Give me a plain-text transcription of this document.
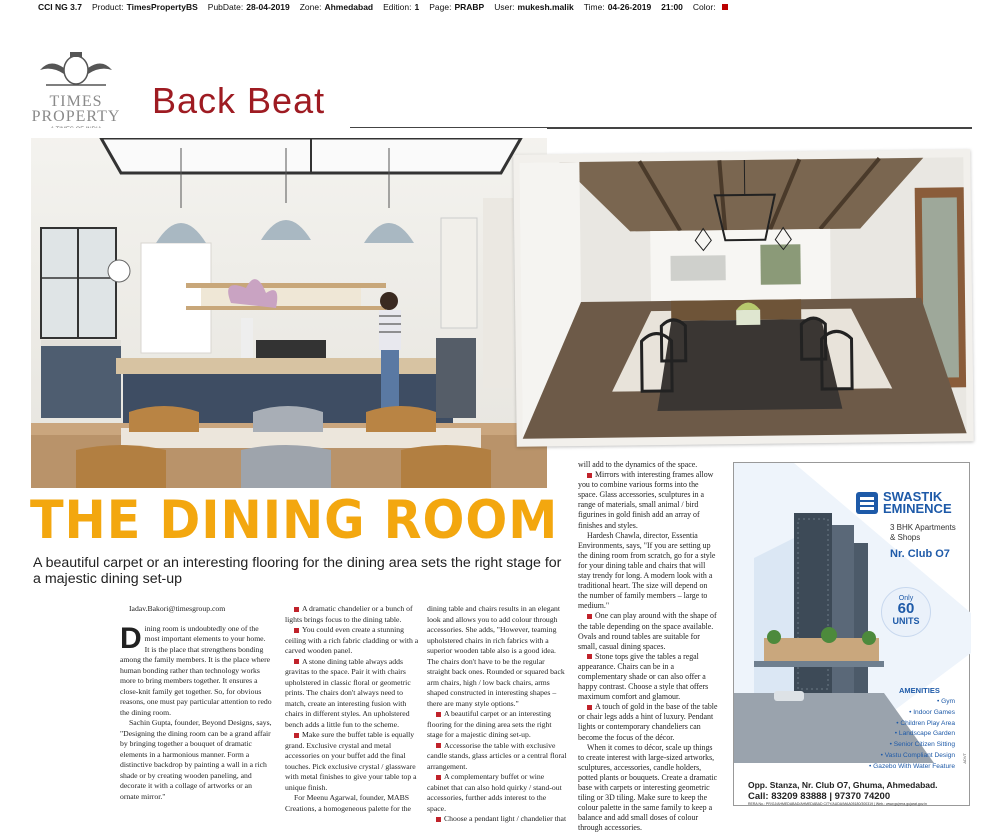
CCI NG 3.7 Product: TimesPropertyBS PubDate: 28-04-2019 Zone: Ahmedabad Edition: 1 Page: PRABP User: mukesh.malik Time: 04-26-2019 21:00 Color:
TIMES
PROPERTY Back Beat
THE DINING ROOM
A beautiful carpet or an interesting flooring for the dining area sets the right stage for a majestic dining set-up

Iadav.Bakori@timesgroup.com

Dining room is undoubtedly one of the most important elements to your home. It is the place that strengthens bonding among the family members. It is the place where human bonding rather than technology works more to bring members together. It ensures a close-knit family get together. So, for obvious reasons, one must pay particular attention to redo the dining room.

Sachin Gupta, founder, Beyond Designs, says, "Designing the dining room can be a grand affair by bringing together a bouquet of dramatic elements in a harmonious manner. Form a distinctive backdrop by painting a wall in a rich shade or by creating wooden paneling, and decorate it with a collage of artworks or an ornate mirror."

A dramatic chandelier or a bunch of lights brings focus to the dining table.

You could even create a stunning ceiling with a rich fabric cladding or with a carved wooden panel.

A stone dining table always adds gravitas to the space. Pair it with chairs upholstered in classic floral or geometric prints. The chairs don't always need to match, create an interesting fusion with chairs in different styles. An upholstered bench adds a little fun to the scheme.

Make sure the buffet table is equally grand. Exclusive crystal and metal accessories on your buffet add the final touches. Pick exclusive crystal / glassware with metal finishes to give your table top a unique finish.

For Meenu Agarwal, founder, MABS Creations, a homogeneous palette for the

dining table and chairs results in an elegant look and allows you to add colour through accessories. She adds, "However, teaming upholstered chairs in rich fabrics with a superior wooden table also is a good idea. The chairs don't have to be the regular straight back ones. Rounded or squared back arm chairs, high / low back chairs, arms shaped constructed in interesting shapes – there are many style options."

A beautiful carpet or an interesting flooring for the dining area sets the right stage for a majestic dining set-up.

Accessorise the table with exclusive candle stands, glass articles or a central floral arrangement.

A complementary buffet or wine cabinet that can also hold quirky / stand-out accessories, further adds interest to the space.

Choose a pendant light / chandelier that

will add to the dynamics of the space.

Mirrors with interesting frames allow you to combine various forms into the space. Glass accessories, sculptures in a range of materials, small animal / bird figurines in gold finish add an array of finishes and styles.

Hardesh Chawla, director, Essentia Environments, says, "If you are setting up the dining room from scratch, go for a style for your dining table and chairs that will stay trendy for long. A modern look with a traditional heart. The size will depend on the number of family members – large to medium."

One can play around with the shape of the table depending on the space available. Ovals and round tables are suitable for small, casual dining spaces.

Stone tops give the tables a regal appearance. Chairs can be in a complementary shade or can also offer a happy contrast. Choose a style that offers maximum comfort and glamour.

A touch of gold in the base of the table or chair legs adds a hint of luxury. Pendant lights or contemporary chandeliers can become the focus of the décor.

When it comes to décor, scale up things to create interest with large-sized artworks, sculptures, accessories, candle holders, potted plants or bouquets. Create a dramatic base with carpets or interesting geometric tiling or 3D tiling. Make sure to keep the colour palette in the same family to keep a balance and add small doses of colour through accessories.

SWASTIK
EMINENCE
3 BHK Apartments
& Shops
Nr. Club O7
Only
60
UNITS
AMENITIES
• Gym
• Indoor Games
• Children Play Area
• Landscape Garden
• Senior Citizen Sitting
• Vastu Compliant Design
• Gazebo With Water Feature
Opp. Stanza, Nr. Club O7, Ghuma, Ahmedabad.
Call: 83209 83888 | 97370 74200
RERA No.: PR/GJ/AHMEDABAD/AHMEDABAD CITY/AUDA/MAA05180/300319 | Web.: www.gujrera.gujarat.gov.in
ADVT
